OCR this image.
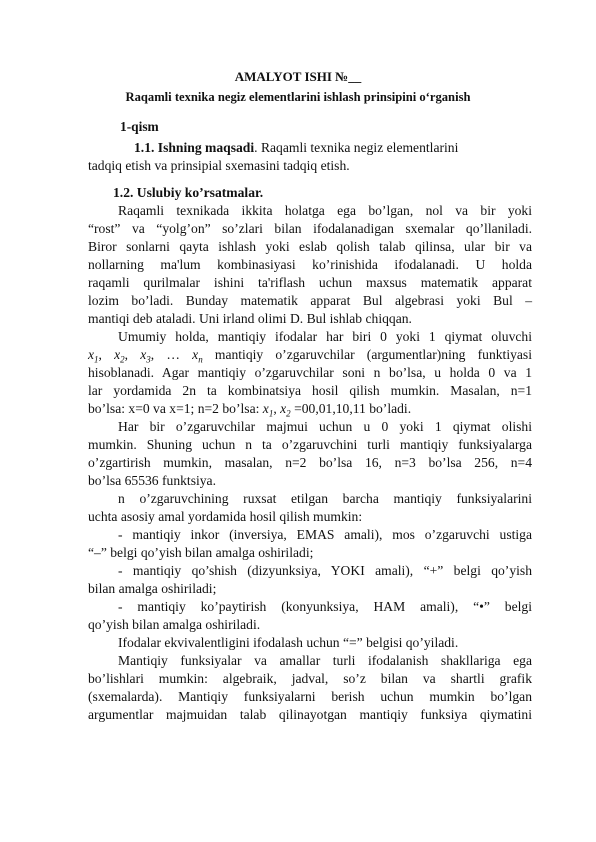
AMALYOT ISHI №__
Raqamli texnika negiz elementlarini ishlash prinsipini oʻrganish
1-qism
1.1. Ishning maqsadi. Raqamli texnika negiz elementlarini
tadqiq etish va prinsipial sxemasini tadqiq etish.
1.2. Uslubiy ko’rsatmalar.
Raqamli texnikada ikkita holatga ega bo’lgan, nol va bir yoki
“rost” va “yolg’on” so’zlari bilan ifodalanadigan sxemalar qo’llaniladi.
Biror sonlarni qayta ishlash yoki eslab qolish talab qilinsa, ular bir va
nollarning ma'lum kombinasiyasi ko’rinishida ifodalanadi. U holda
raqamli qurilmalar ishini ta'riflash uchun maxsus matematik apparat
lozim bo’ladi. Bunday matematik apparat Bul algebrasi yoki Bul –
mantiqi deb ataladi. Uni irland olimi D. Bul ishlab chiqqan.
Umumiy holda, mantiqiy ifodalar har biri 0 yoki 1 qiymat oluvchi
$x_1$, $x_2$, $x_3$, … $x_n$ mantiqiy o’zgaruvchilar (argumentlar)ning funktiyasi
hisoblanadi. Agar mantiqiy o’zgaruvchilar soni n bo’lsa, u holda 0 va 1
lar yordamida 2n ta kombinatsiya hosil qilish mumkin. Masalan, n=1
bo’lsa: x=0 va x=1; n=2 bo’lsa: $x_1$, $x_2 =00,01,10,11$ bo’ladi.
Har bir o’zgaruvchilar majmui uchun u 0 yoki 1 qiymat olishi
mumkin. Shuning uchun n ta o’zgaruvchini turli mantiqiy funksiyalarga
o’zgartirish mumkin, masalan, n=2 bo’lsa 16, n=3 bo’lsa 256, n=4
bo’lsa 65536 funktsiya.
n o’zgaruvchining ruxsat etilgan barcha mantiqiy funksiyalarini
uchta asosiy amal yordamida hosil qilish mumkin:
- mantiqiy inkor (inversiya, EMAS amali), mos o’zgaruvchi ustiga
“–” belgi qo’yish bilan amalga oshiriladi;
- mantiqiy qo’shish (dizyunksiya, YOKI amali), “+” belgi qo’yish
bilan amalga oshiriladi;
- mantiqiy ko’paytirish (konyunksiya, HAM amali), “•” belgi
qo’yish bilan amalga oshiriladi.
Ifodalar ekvivalentligini ifodalash uchun “=” belgisi qo’yiladi.
Mantiqiy funksiyalar va amallar turli ifodalanish shakllariga ega
bo’lishlari mumkin: algebraik, jadval, so’z bilan va shartli grafik
(sxemalarda). Mantiqiy funksiyalarni berish uchun mumkin bo’lgan
argumentlar majmuidan talab qilinayotgan mantiqiy funksiya qiymatini
